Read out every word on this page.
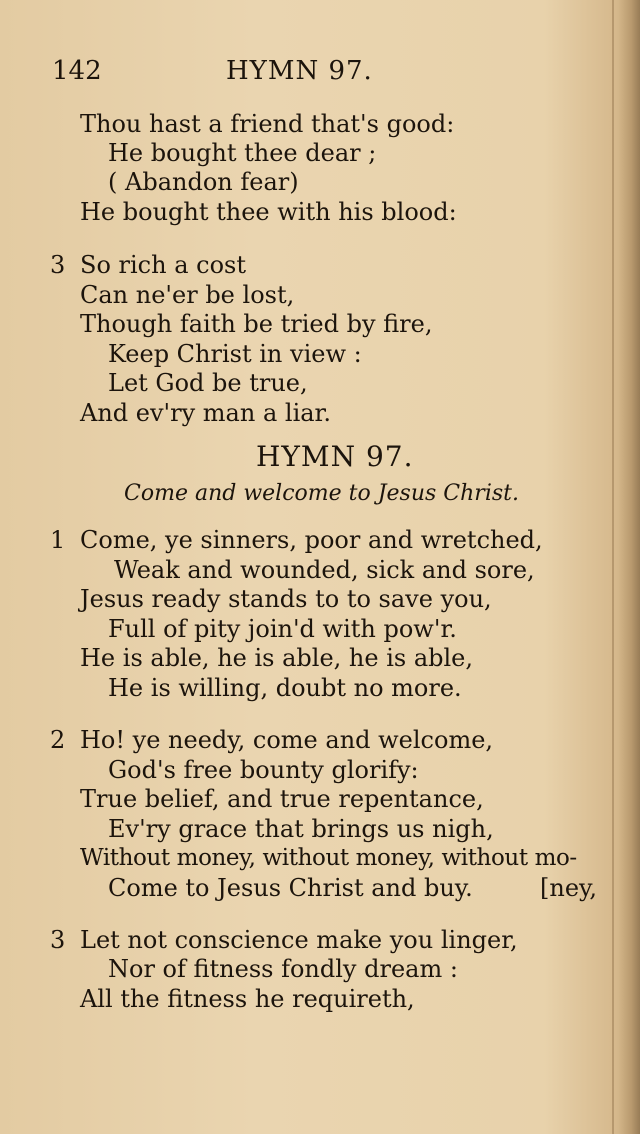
142	HYMN 97.
Thou hast a friend that's good:
He bought thee dear ;
( Abandon fear)
He bought thee with his blood:
3 So rich a cost
Can ne'er be lost,
Though faith be tried by fire,
Keep Christ in view :
Let God be true,
And ev'ry man a liar.
HYMN 97.
Come and welcome to Jesus Christ.
1 Come, ye sinners, poor and wretched,
Weak and wounded, sick and sore,
Jesus ready stands to to save you,
Full of pity join'd with pow'r.
He is able, he is able, he is able,
He is willing, doubt no more.
2 Ho! ye needy, come and welcome,
God's free bounty glorify:
True belief, and true repentance,
Ev'ry grace that brings us nigh,
Without money, without money, without mo-
Come to Jesus Christ and buy.	[ney,
3 Let not conscience make you linger,
Nor of fitness fondly dream :
All the fitness he requireth,
